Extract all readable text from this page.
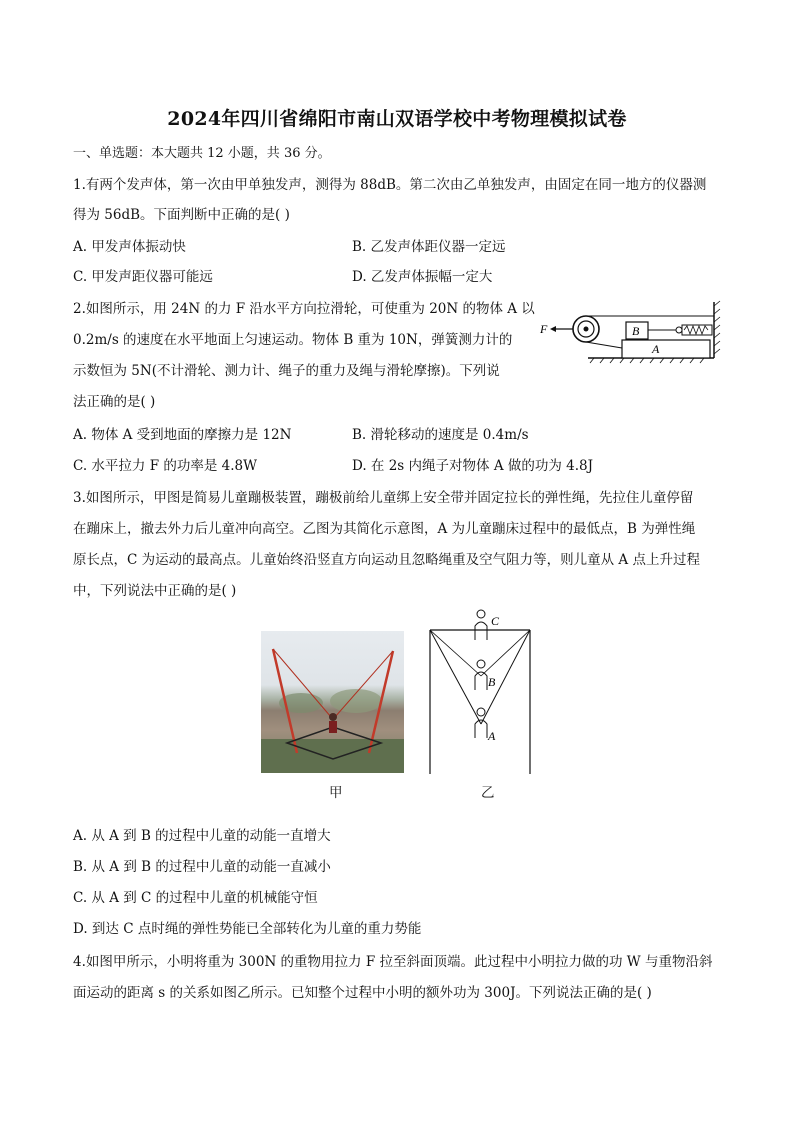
2024年四川省绵阳市南山双语学校中考物理模拟试卷
一、单选题：本大题共 12 小题，共 36 分。
1.有两个发声体，第一次由甲单独发声，测得为 88dB。第二次由乙单独发声，由固定在同一地方的仪器测
得为 56dB。下面判断中正确的是( )
A. 甲发声体振动快	B. 乙发声体距仪器一定远
C. 甲发声距仪器可能远	D. 乙发声体振幅一定大
2.如图所示，用 24N 的力 F 沿水平方向拉滑轮，可使重为 20N 的物体 A 以
0.2m/s 的速度在水平地面上匀速运动。物体 B 重为 10N，弹簧测力计的
示数恒为 5N(不计滑轮、测力计、绳子的重力及绳与滑轮摩擦)。下列说
法正确的是( )
F
A
B
A. 物体 A 受到地面的摩擦力是 12N	B. 滑轮移动的速度是 0.4m/s
C. 水平拉力 F 的功率是 4.8W	D. 在 2s 内绳子对物体 A 做的功为 4.8J
3.如图所示，甲图是简易儿童蹦极装置，蹦极前给儿童绑上安全带并固定拉长的弹性绳，先拉住儿童停留
在蹦床上，撤去外力后儿童冲向高空。乙图为其简化示意图，A 为儿童蹦床过程中的最低点，B 为弹性绳
原长点，C 为运动的最高点。儿童始终沿竖直方向运动且忽略绳重及空气阻力等，则儿童从 A 点上升过程
中，下列说法中正确的是( )
甲
C
B
A
乙
A. 从 A 到 B 的过程中儿童的动能一直增大
B. 从 A 到 B 的过程中儿童的动能一直减小
C. 从 A 到 C 的过程中儿童的机械能守恒
D. 到达 C 点时绳的弹性势能已全部转化为儿童的重力势能
4.如图甲所示，小明将重为 300N 的重物用拉力 F 拉至斜面顶端。此过程中小明拉力做的功 W 与重物沿斜
面运动的距离 s 的关系如图乙所示。已知整个过程中小明的额外功为 300J。下列说法正确的是( )
